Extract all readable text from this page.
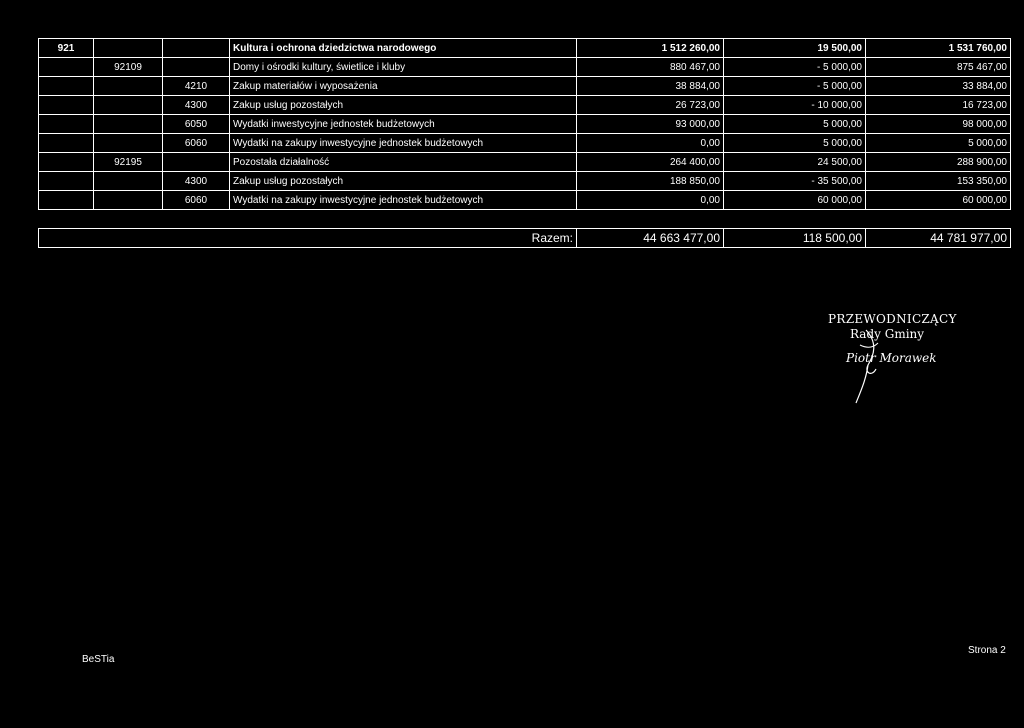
921			Kultura i ochrona dziedzictwa narodowego	1 512 260,00	19 500,00	1 531 760,00
	92109		Domy i ośrodki kultury, świetlice i kluby	880 467,00	- 5 000,00	875 467,00
		4210	Zakup materiałów i wyposażenia	38 884,00	- 5 000,00	33 884,00
		4300	Zakup usług pozostałych	26 723,00	- 10 000,00	16 723,00
		6050	Wydatki inwestycyjne jednostek budżetowych	93 000,00	5 000,00	98 000,00
		6060	Wydatki na zakupy inwestycyjne jednostek budżetowych	0,00	5 000,00	5 000,00
	92195		Pozostała działalność	264 400,00	24 500,00	288 900,00
		4300	Zakup usług pozostałych	188 850,00	- 35 500,00	153 350,00
		6060	Wydatki na zakupy inwestycyjne jednostek budżetowych	0,00	60 000,00	60 000,00
Razem:	44 663 477,00	118 500,00	44 781 977,00
PRZEWODNICZĄCY
Rady Gminy
Piotr Morawek
BeSTia
Strona 2
